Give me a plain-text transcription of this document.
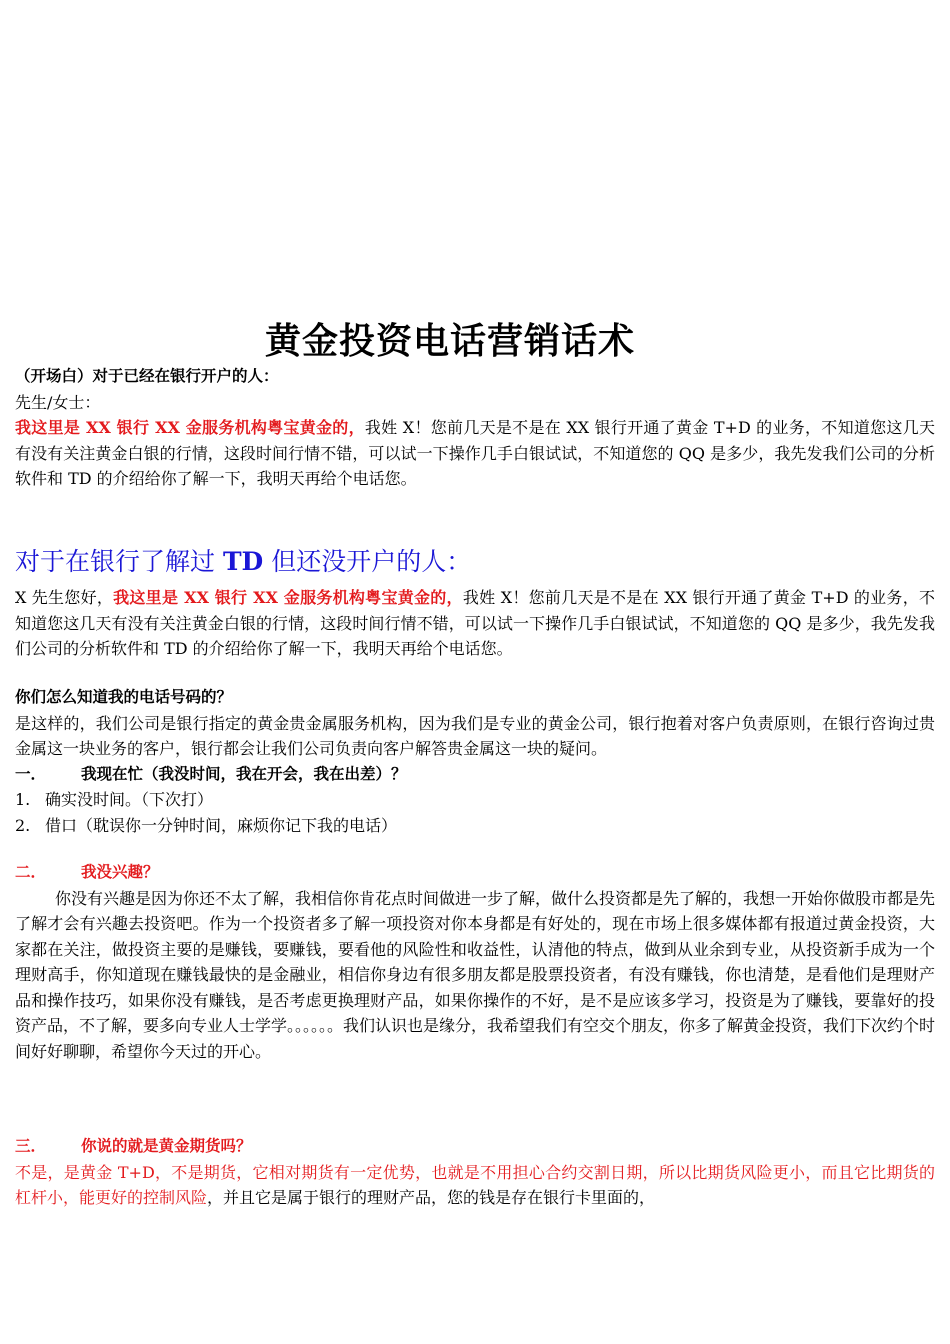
黄金投资电话营销话术

（开场白）对于已经在银行开户的人：

先生/女士：

我这里是 XX 银行 XX 金服务机构粤宝黄金的，我姓 X！您前几天是不是在 XX 银行开通了黄金 T+D 的业务，不知道您这几天有没有关注黄金白银的行情，这段时间行情不错，可以试一下操作几手白银试试，不知道您的 QQ 是多少，我先发我们公司的分析软件和 TD 的介绍给你了解一下，我明天再给个电话您。

对于在银行了解过 TD 但还没开户的人：

X 先生您好，我这里是 XX 银行 XX 金服务机构粤宝黄金的，我姓 X！您前几天是不是在 XX 银行开通了黄金 T+D 的业务，不知道您这几天有没有关注黄金白银的行情，这段时间行情不错，可以试一下操作几手白银试试，不知道您的 QQ 是多少，我先发我们公司的分析软件和 TD 的介绍给你了解一下，我明天再给个电话您。

你们怎么知道我的电话号码的？

是这样的，我们公司是银行指定的黄金贵金属服务机构，因为我们是专业的黄金公司，银行抱着对客户负责原则，在银行咨询过贵金属这一块业务的客户，银行都会让我们公司负责向客户解答贵金属这一块的疑问。

一． 我现在忙（我没时间，我在开会，我在出差）？

1. 确实没时间。（下次打）

2. 借口（耽误你一分钟时间，麻烦你记下我的电话）

二． 我没兴趣？

你没有兴趣是因为你还不太了解，我相信你肯花点时间做进一步了解，做什么投资都是先了解的，我想一开始你做股市都是先了解才会有兴趣去投资吧。作为一个投资者多了解一项投资对你本身都是有好处的，现在市场上很多媒体都有报道过黄金投资，大家都在关注，做投资主要的是赚钱，要赚钱，要看他的风险性和收益性，认清他的特点，做到从业余到专业，从投资新手成为一个理财高手，你知道现在赚钱最快的是金融业，相信你身边有很多朋友都是股票投资者，有没有赚钱，你也清楚，是看他们是理财产品和操作技巧，如果你没有赚钱，是否考虑更换理财产品，如果你操作的不好，是不是应该多学习，投资是为了赚钱，要靠好的投资产品，不了解，要多向专业人士学学。。。。。。我们认识也是缘分，我希望我们有空交个朋友，你多了解黄金投资，我们下次约个时间好好聊聊，希望你今天过的开心。

三． 你说的就是黄金期货吗？

不是，是黄金 T+D，不是期货，它相对期货有一定优势，也就是不用担心合约交割日期，所以比期货风险更小，而且它比期货的杠杆小，能更好的控制风险，并且它是属于银行的理财产品，您的钱是存在银行卡里面的，
